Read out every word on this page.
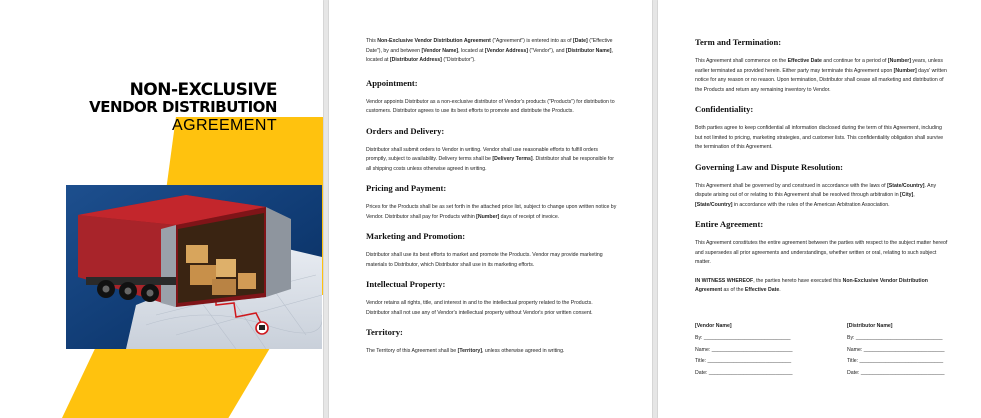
NON-EXCLUSIVE
VENDOR DISTRIBUTION
AGREEMENT

This Non-Exclusive Vendor Distribution Agreement ("Agreement") is entered into as of [Date] ("Effective Date"), by and between [Vendor Name], located at [Vendor Address] ("Vendor"), and [Distributor Name], located at [Distributor Address] ("Distributor").

Appointment:

Vendor appoints Distributor as a non-exclusive distributor of Vendor's products ("Products") for distribution to customers. Distributor agrees to use its best efforts to promote and distribute the Products.

Orders and Delivery:

Distributor shall submit orders to Vendor in writing. Vendor shall use reasonable efforts to fulfill orders promptly, subject to availability. Delivery terms shall be [Delivery Terms]. Distributor shall be responsible for all shipping costs unless otherwise agreed in writing.

Pricing and Payment:

Prices for the Products shall be as set forth in the attached price list, subject to change upon written notice by Vendor. Distributor shall pay for Products within [Number] days of receipt of invoice.

Marketing and Promotion:

Distributor shall use its best efforts to market and promote the Products. Vendor may provide marketing materials to Distributor, which Distributor shall use in its marketing efforts.

Intellectual Property:

Vendor retains all rights, title, and interest in and to the intellectual property related to the Products. Distributor shall not use any of Vendor's intellectual property without Vendor's prior written consent.

Territory:

The Territory of this Agreement shall be [Territory], unless otherwise agreed in writing.

Term and Termination:

This Agreement shall commence on the Effective Date and continue for a period of [Number] years, unless earlier terminated as provided herein. Either party may terminate this Agreement upon [Number] days' written notice for any reason or no reason. Upon termination, Distributor shall cease all marketing and distribution of the Products and return any remaining inventory to Vendor.

Confidentiality:

Both parties agree to keep confidential all information disclosed during the term of this Agreement, including but not limited to pricing, marketing strategies, and customer lists. This confidentiality obligation shall survive the termination of this Agreement.

Governing Law and Dispute Resolution:

This Agreement shall be governed by and construed in accordance with the laws of [State/Country]. Any dispute arising out of or relating to this Agreement shall be resolved through arbitration in [City], [State/Country] in accordance with the rules of the American Arbitration Association.

Entire Agreement:

This Agreement constitutes the entire agreement between the parties with respect to the subject matter hereof and supersedes all prior agreements and understandings, whether written or oral, relating to such subject matter.

IN WITNESS WHEREOF, the parties hereto have executed this Non-Exclusive Vendor Distribution Agreement as of the Effective Date.

[Vendor Name]
By: ______________________________
Name: ____________________________
Title: _____________________________
Date: _____________________________
[Distributor Name]
By: ______________________________
Name: ____________________________
Title: _____________________________
Date: _____________________________
